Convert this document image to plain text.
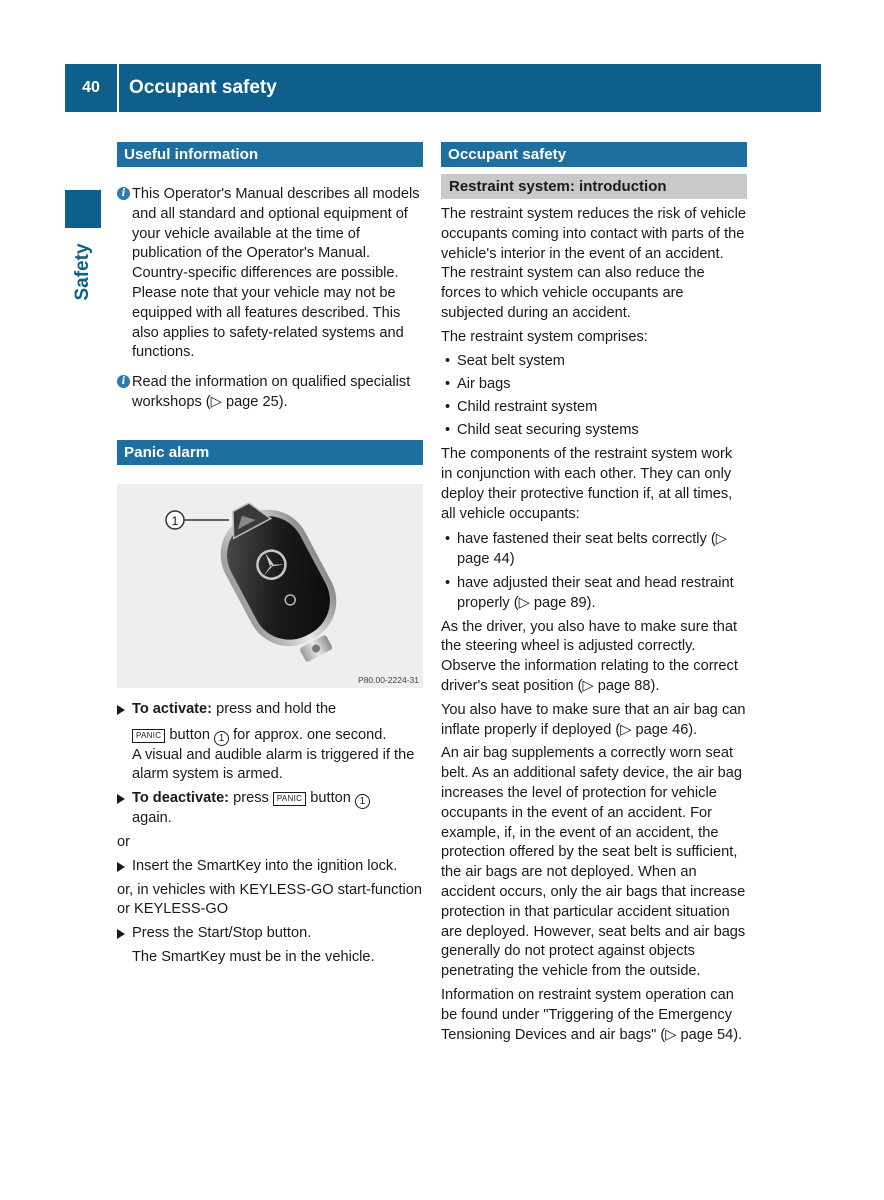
40	Occupant safety
Safety
Useful information
i This Operator's Manual describes all models and all standard and optional equipment of your vehicle available at the time of publication of the Operator's Manual. Country-specific differences are possible. Please note that your vehicle may not be equipped with all features described. This also applies to safety-related systems and functions.

i Read the information on qualified specialist workshops (▷ page 25).

Panic alarm
1
P80.00-2224-31

To activate: press and hold the

PANIC button 1 for approx. one second.

A visual and audible alarm is triggered if the alarm system is armed.

To deactivate: press PANIC button 1

again.

or

Insert the SmartKey into the ignition lock.

or, in vehicles with KEYLESS-GO start-function or KEYLESS-GO

Press the Start/Stop button.

The SmartKey must be in the vehicle.

Occupant safety
Restraint system: introduction

The restraint system reduces the risk of vehicle occupants coming into contact with parts of the vehicle's interior in the event of an accident. The restraint system can also reduce the forces to which vehicle occupants are subjected during an accident.

The restraint system comprises:

• Seat belt system
• Air bags
• Child restraint system
• Child seat securing systems

The components of the restraint system work in conjunction with each other. They can only deploy their protective function if, at all times, all vehicle occupants:

• have fastened their seat belts correctly (▷ page 44)
• have adjusted their seat and head restraint properly (▷ page 89).

As the driver, you also have to make sure that the steering wheel is adjusted correctly. Observe the information relating to the correct driver's seat position (▷ page 88).

You also have to make sure that an air bag can inflate properly if deployed (▷ page 46).

An air bag supplements a correctly worn seat belt. As an additional safety device, the air bag increases the level of protection for vehicle occupants in the event of an accident. For example, if, in the event of an accident, the protection offered by the seat belt is sufficient, the air bags are not deployed. When an accident occurs, only the air bags that increase protection in that particular accident situation are deployed. However, seat belts and air bags generally do not protect against objects penetrating the vehicle from the outside.

Information on restraint system operation can be found under "Triggering of the Emergency Tensioning Devices and air bags" (▷ page 54).
